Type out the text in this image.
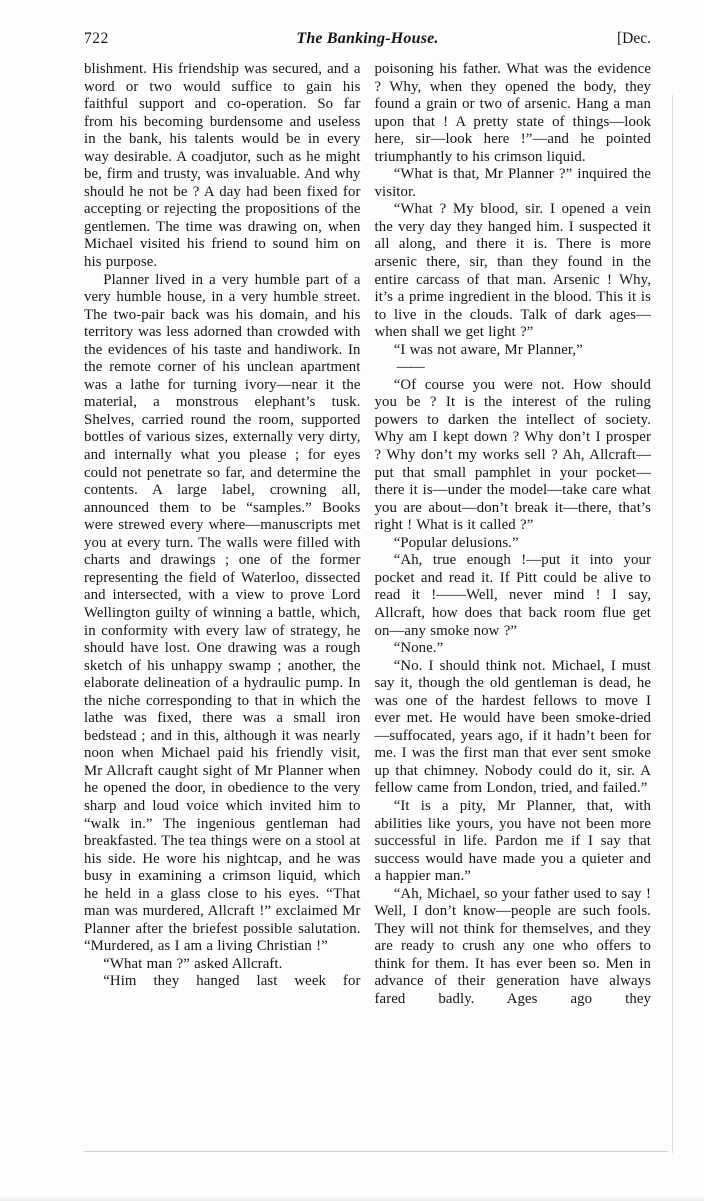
722	The Banking-House.	[Dec.

blishment. His friendship was secured, and a word or two would suffice to gain his faithful support and co-operation. So far from his becoming burdensome and useless in the bank, his talents would be in every way desirable. A coadjutor, such as he might be, firm and trusty, was invaluable. And why should he not be ? A day had been fixed for accepting or rejecting the propositions of the gentlemen. The time was drawing on, when Michael visited his friend to sound him on his purpose.

Planner lived in a very humble part of a very humble house, in a very humble street. The two-pair back was his domain, and his territory was less adorned than crowded with the evidences of his taste and handiwork. In the remote corner of his unclean apartment was a lathe for turning ivory—near it the material, a monstrous elephant’s tusk. Shelves, carried round the room, supported bottles of various sizes, externally very dirty, and internally what you please ; for eyes could not penetrate so far, and determine the contents. A large label, crowning all, announced them to be “samples.” Books were strewed every where—manuscripts met you at every turn. The walls were filled with charts and drawings ; one of the former representing the field of Waterloo, dissected and intersected, with a view to prove Lord Wellington guilty of winning a battle, which, in conformity with every law of strategy, he should have lost. One drawing was a rough sketch of his unhappy swamp ; another, the elaborate delineation of a hydraulic pump. In the niche corresponding to that in which the lathe was fixed, there was a small iron bedstead ; and in this, although it was nearly noon when Michael paid his friendly visit, Mr Allcraft caught sight of Mr Planner when he opened the door, in obedience to the very sharp and loud voice which invited him to “walk in.” The ingenious gentleman had breakfasted. The tea things were on a stool at his side. He wore his nightcap, and he was busy in examining a crimson liquid, which he held in a glass close to his eyes. “That man was murdered, Allcraft !” exclaimed Mr Planner after the briefest possible salutation. “Murdered, as I am a living Christian !”

“What man ?” asked Allcraft.

“Him they hanged last week for

poisoning his father. What was the evidence ? Why, when they opened the body, they found a grain or two of arsenic. Hang a man upon that ! A pretty state of things—look here, sir—look here !”—and he pointed triumphantly to his crimson liquid.

“What is that, Mr Planner ?” inquired the visitor.

“What ? My blood, sir. I opened a vein the very day they hanged him. I suspected it all along, and there it is. There is more arsenic there, sir, than they found in the entire carcass of that man. Arsenic ! Why, it’s a prime ingredient in the blood. This it is to live in the clouds. Talk of dark ages—when shall we get light ?”

“I was not aware, Mr Planner,”

——

“Of course you were not. How should you be ? It is the interest of the ruling powers to darken the intellect of society. Why am I kept down ? Why don’t I prosper ? Why don’t my works sell ? Ah, Allcraft—put that small pamphlet in your pocket—there it is—under the model—take care what you are about—don’t break it—there, that’s right ! What is it called ?”

“Popular delusions.”

“Ah, true enough !—put it into your pocket and read it. If Pitt could be alive to read it !——Well, never mind ! I say, Allcraft, how does that back room flue get on—any smoke now ?”

“None.”

“No. I should think not. Michael, I must say it, though the old gentleman is dead, he was one of the hardest fellows to move I ever met. He would have been smoke-dried—suffocated, years ago, if it hadn’t been for me. I was the first man that ever sent smoke up that chimney. Nobody could do it, sir. A fellow came from London, tried, and failed.”

“It is a pity, Mr Planner, that, with abilities like yours, you have not been more successful in life. Pardon me if I say that success would have made you a quieter and a happier man.”

“Ah, Michael, so your father used to say ! Well, I don’t know—people are such fools. They will not think for themselves, and they are ready to crush any one who offers to think for them. It has ever been so. Men in advance of their generation have always fared badly. Ages ago they
